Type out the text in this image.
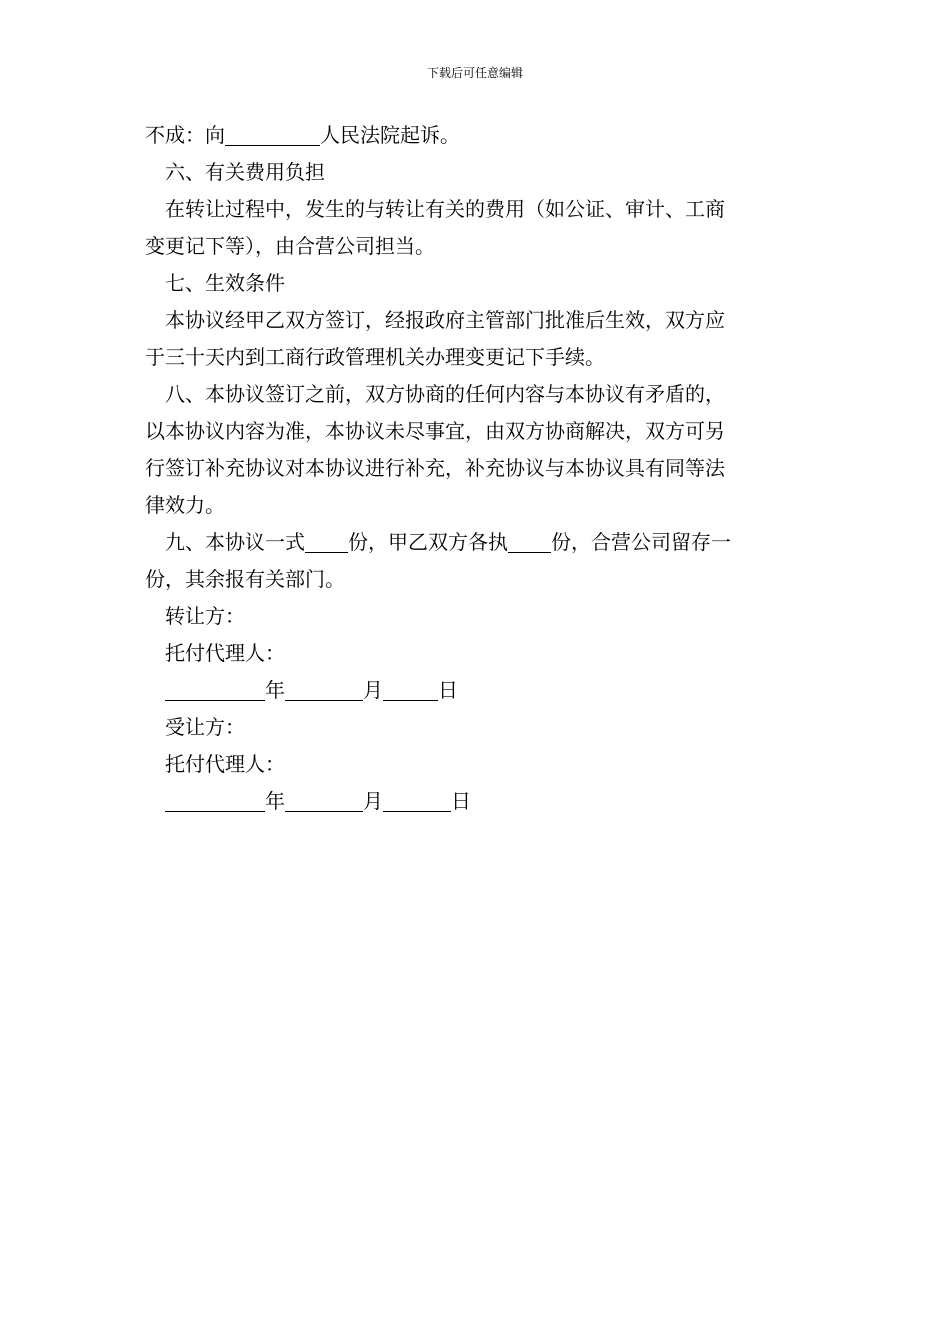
下载后可任意编辑
不成：向	人民法院起诉。
六、有关费用负担
在转让过程中，发生的与转让有关的费用（如公证、审计、工商
变更记下等），由合营公司担当。
七、生效条件
本协议经甲乙双方签订，经报政府主管部门批准后生效，双方应
于三十天内到工商行政管理机关办理变更记下手续。
八、本协议签订之前，双方协商的任何内容与本协议有矛盾的，
以本协议内容为准，本协议未尽事宜，由双方协商解决，双方可另
行签订补充协议对本协议进行补充，补充协议与本协议具有同等法
律效力。
九、本协议一式 份，甲乙双方各执 份，合营公司留存一
份，其余报有关部门。
转让方：
托付代理人：
年	月	日
受让方：
托付代理人：
年	月	日
